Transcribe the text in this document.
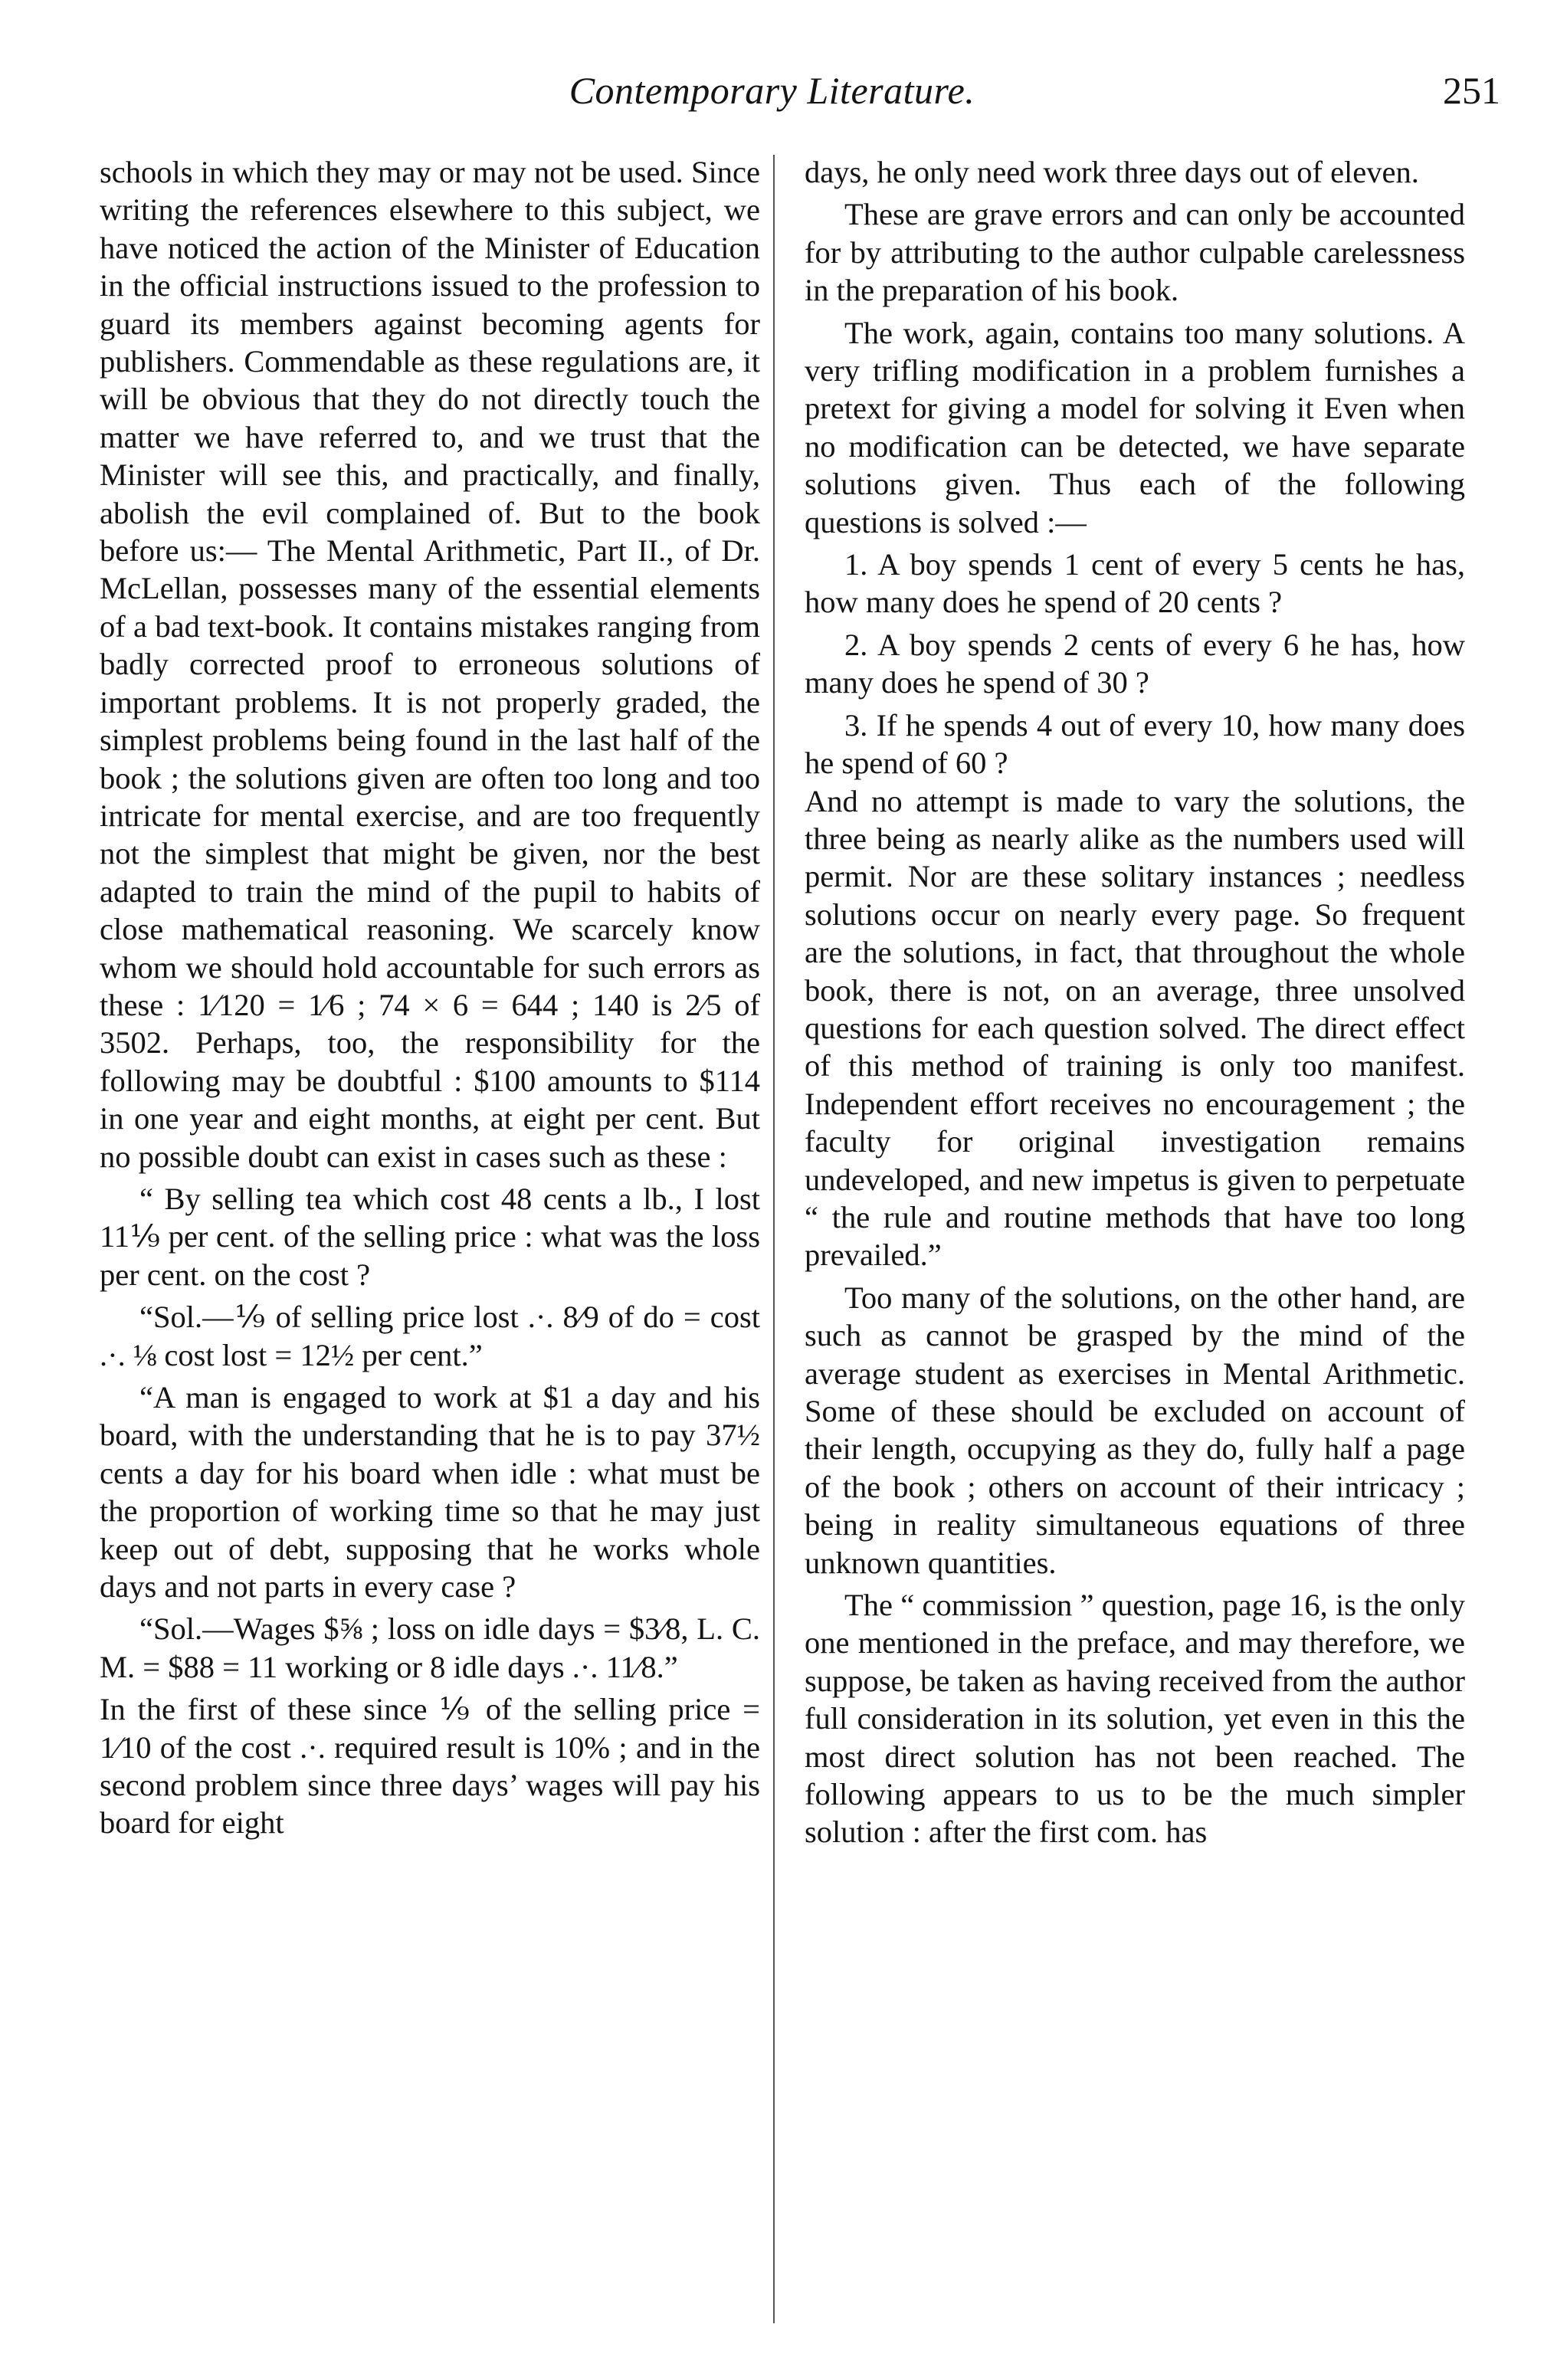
Contemporary Literature.	251

schools in which they may or may not be used. Since writing the references elsewhere to this subject, we have noticed the action of the Minister of Education in the official instructions issued to the profession to guard its members against becoming agents for publishers. Commendable as these regulations are, it will be obvious that they do not directly touch the matter we have referred to, and we trust that the Minister will see this, and practically, and finally, abolish the evil complained of. But to the book before us:— The Mental Arithmetic, Part II., of Dr. McLellan, possesses many of the essential elements of a bad text-book. It contains mistakes ranging from badly corrected proof to erroneous solutions of important problems. It is not properly graded, the simplest problems being found in the last half of the book ; the solutions given are often too long and too intricate for mental exercise, and are too frequently not the simplest that might be given, nor the best adapted to train the mind of the pupil to habits of close mathematical reasoning. We scarcely know whom we should hold accountable for such errors as these : 1⁄120 = 1⁄6 ; 74 × 6 = 644 ; 140 is 2⁄5 of 3502. Perhaps, too, the responsibility for the following may be doubtful : $100 amounts to $114 in one year and eight months, at eight per cent. But no possible doubt can exist in cases such as these :

“ By selling tea which cost 48 cents a lb., I lost 11⅑ per cent. of the selling price : what was the loss per cent. on the cost ?

“Sol.—⅑ of selling price lost .·. 8⁄9 of do = cost .·. ⅛ cost lost = 12½ per cent.”

“A man is engaged to work at $1 a day and his board, with the understanding that he is to pay 37½ cents a day for his board when idle : what must be the proportion of working time so that he may just keep out of debt, supposing that he works whole days and not parts in every case ?

“Sol.—Wages $⅝ ; loss on idle days = $3⁄8, L. C. M. = $88 = 11 working or 8 idle days .·. 11⁄8.”

In the first of these since ⅑ of the selling price = 1⁄10 of the cost .·. required result is 10% ; and in the second problem since three days’ wages will pay his board for eight

days, he only need work three days out of eleven.

These are grave errors and can only be accounted for by attributing to the author culpable carelessness in the preparation of his book.

The work, again, contains too many solutions. A very trifling modification in a problem furnishes a pretext for giving a model for solving it Even when no modification can be detected, we have separate solutions given. Thus each of the following questions is solved :—

1. A boy spends 1 cent of every 5 cents he has, how many does he spend of 20 cents ?

2. A boy spends 2 cents of every 6 he has, how many does he spend of 30 ?

3. If he spends 4 out of every 10, how many does he spend of 60 ?

And no attempt is made to vary the solutions, the three being as nearly alike as the numbers used will permit. Nor are these solitary instances ; needless solutions occur on nearly every page. So frequent are the solutions, in fact, that throughout the whole book, there is not, on an average, three unsolved questions for each question solved. The direct effect of this method of training is only too manifest. Independent effort receives no encouragement ; the faculty for original investigation remains undeveloped, and new impetus is given to perpetuate “ the rule and routine methods that have too long prevailed.”

Too many of the solutions, on the other hand, are such as cannot be grasped by the mind of the average student as exercises in Mental Arithmetic. Some of these should be excluded on account of their length, occupying as they do, fully half a page of the book ; others on account of their intricacy ; being in reality simultaneous equations of three unknown quantities.

The “ commission ” question, page 16, is the only one mentioned in the preface, and may therefore, we suppose, be taken as having received from the author full consideration in its solution, yet even in this the most direct solution has not been reached. The following appears to us to be the much simpler solution : after the first com. has
